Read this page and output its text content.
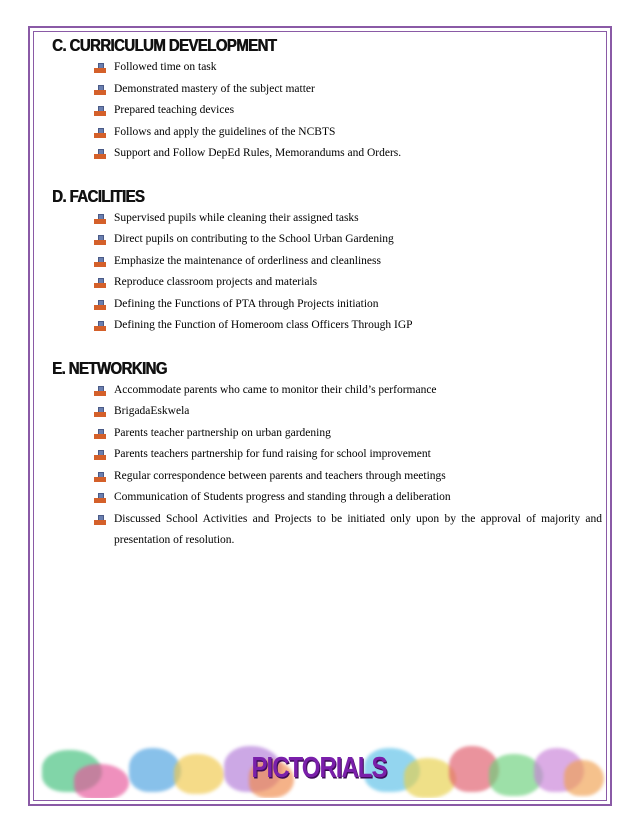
C. CURRICULUM DEVELOPMENT
Followed time on task
Demonstrated mastery of the subject matter
Prepared teaching devices
Follows and apply the guidelines of the NCBTS
Support and Follow DepEd Rules, Memorandums and Orders.
D. FACILITIES
Supervised pupils while cleaning their assigned tasks
Direct pupils on contributing to the School Urban Gardening
Emphasize the maintenance of orderliness and cleanliness
Reproduce classroom projects and materials
Defining the Functions of PTA through Projects initiation
Defining the Function of Homeroom class Officers Through IGP
E. NETWORKING
Accommodate parents who came to monitor their child’s performance
BrigadaEskwela
Parents teacher partnership on urban gardening
Parents teachers partnership for fund raising for school improvement
Regular correspondence between parents and teachers through meetings
Communication of Students progress and standing through a deliberation
Discussed School Activities and Projects to be initiated only upon by the approval of majority and presentation of resolution.
PICTORIALS
